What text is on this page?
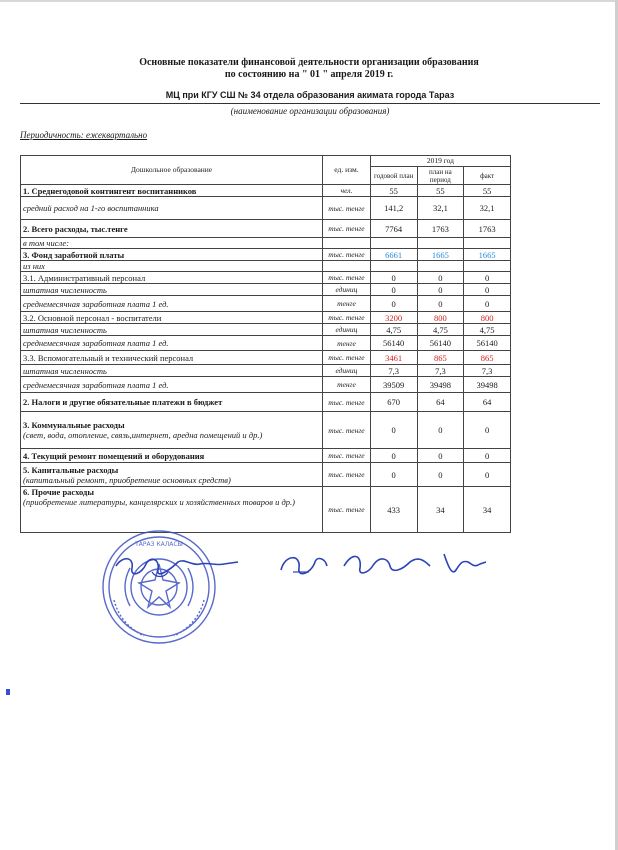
Основные показатели финансовой деятельности организации образования
по состоянию на " 01 " апреля 2019 г.
МЦ при КГУ СШ № 34 отдела образования акимата города Тараз
(наименование организации образования)
Периодичность: ежеквартально
Дошкольное образование	ед. изм.	2019 год		
		годовой план	план на период	факт
1. Среднегодовой контингент воспитанников	чел.	55	55	55
средний расход на 1-го воспитанника	тыс. тенге	141,2	32,1	32,1
2. Всего расходы, тыс.тенге	тыс. тенге	7764	1763	1763
в том числе:				
3. Фонд заработной платы	тыс. тенге	6661	1665	1665
из них				
3.1. Административный персонал	тыс. тенге	0	0	0
штатная численность	единиц	0	0	0
среднемесячная заработная плата 1 ед.	тенге	0	0	0
3.2. Основной персонал - воспитатели	тыс. тенге	3200	800	800
штатная численность	единиц	4,75	4,75	4,75
среднемесячная заработная плата 1 ед.	тенге	56140	56140	56140
3.3. Вспомогательный и технический персонал	тыс. тенге	3461	865	865
штатная численность	единиц	7,3	7,3	7,3
среднемесячная заработная плата 1 ед.	тенге	39509	39498	39498
2. Налоги и другие обязательные платежи в бюджет	тыс. тенге	670	64	64
3. Коммунальные расходы
(свет, вода, отопление, связь,интернет, аредна помещений и др.)	тыс. тенге	0	0	0
4. Текущий ремонт помещений и оборудования	тыс. тенге	0	0	0
5. Капитальные расходы
(капитальный ремонт, приобретение основных средств)	тыс. тенге	0	0	0
6. Прочие расходы
(приобретение литературы, канцелярских и хозяйственных товаров и др.)	тыс. тенге	433	34	34
ТАРАЗ КАЛАСЫ
